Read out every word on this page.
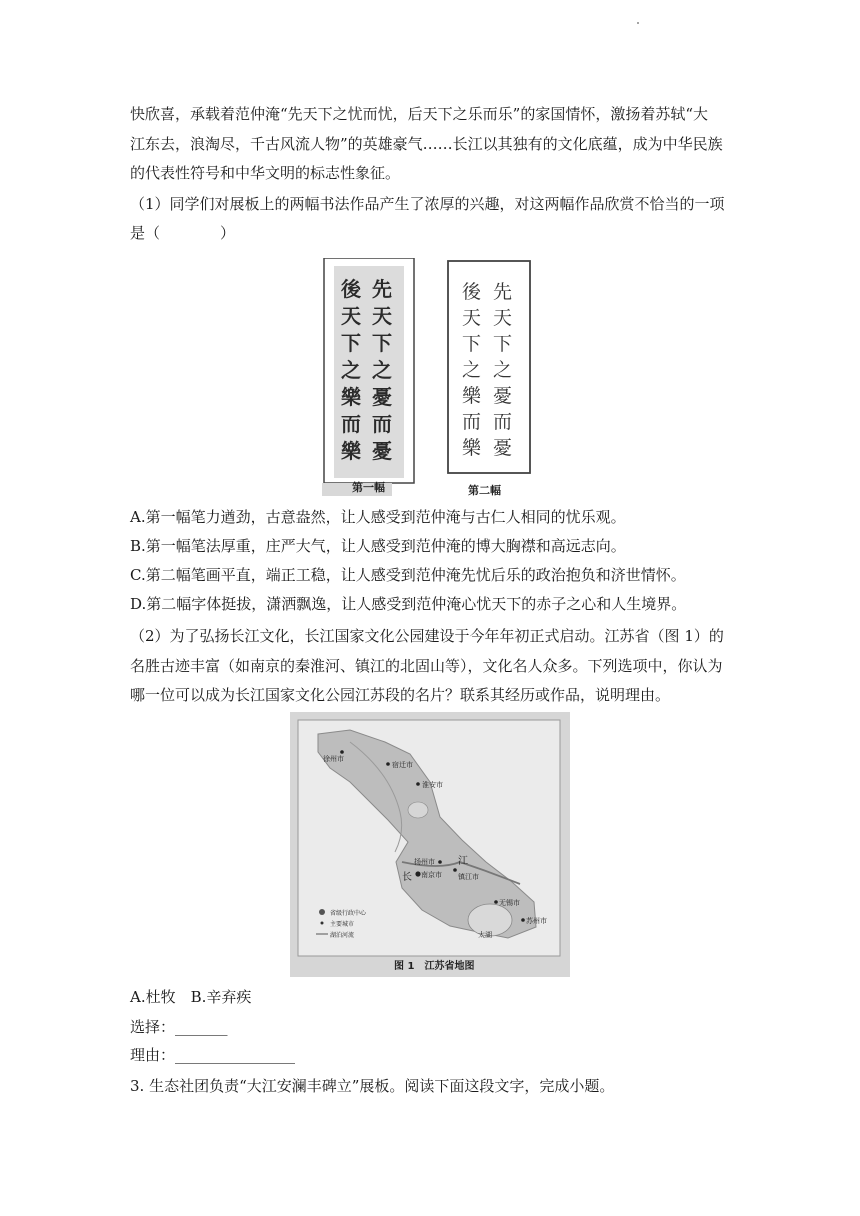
快欣喜，承载着范仲淹“先天下之忧而忧，后天下之乐而乐”的家国情怀，激扬着苏轼“大
江东去，浪淘尽，千古风流人物”的英雄豪气……长江以其独有的文化底蕴，成为中华民族
的代表性符号和中华文明的标志性象征。
（1）同学们对展板上的两幅书法作品产生了浓厚的兴趣，对这两幅作品欣赏不恰当的一项
是（　　　　）
先
天
下
之
憂
而
憂
後
天
下
之
樂
而
樂
先
天
下
之
憂
而
憂
後
天
下
之
樂
而
樂
第一幅	第二幅
A.第一幅笔力遒劲，古意盎然，让人感受到范仲淹与古仁人相同的忧乐观。
B.第一幅笔法厚重，庄严大气，让人感受到范仲淹的博大胸襟和高远志向。
C.第二幅笔画平直，端正工稳，让人感受到范仲淹先忧后乐的政治抱负和济世情怀。
D.第二幅字体挺拔，潇洒飘逸，让人感受到范仲淹心忧天下的赤子之心和人生境界。
（2）为了弘扬长江文化，长江国家文化公园建设于今年年初正式启动。江苏省（图 1）的
名胜古迹丰富（如南京的秦淮河、镇江的北固山等），文化名人众多。下列选项中，你认为
哪一位可以成为长江国家文化公园江苏段的名片？联系其经历或作品，说明理由。
徐州市
宿迁市
淮安市
扬州市
南京市 镇江市
无锡市
苏州市
太湖
江
长
省级行政中心
主要城市
湖泊河流
图 1　江苏省地图
A.杜牧　B.辛弃疾
选择：_______
理由：________________
3. 生态社团负责“大江安澜丰碑立”展板。阅读下面这段文字，完成小题。
